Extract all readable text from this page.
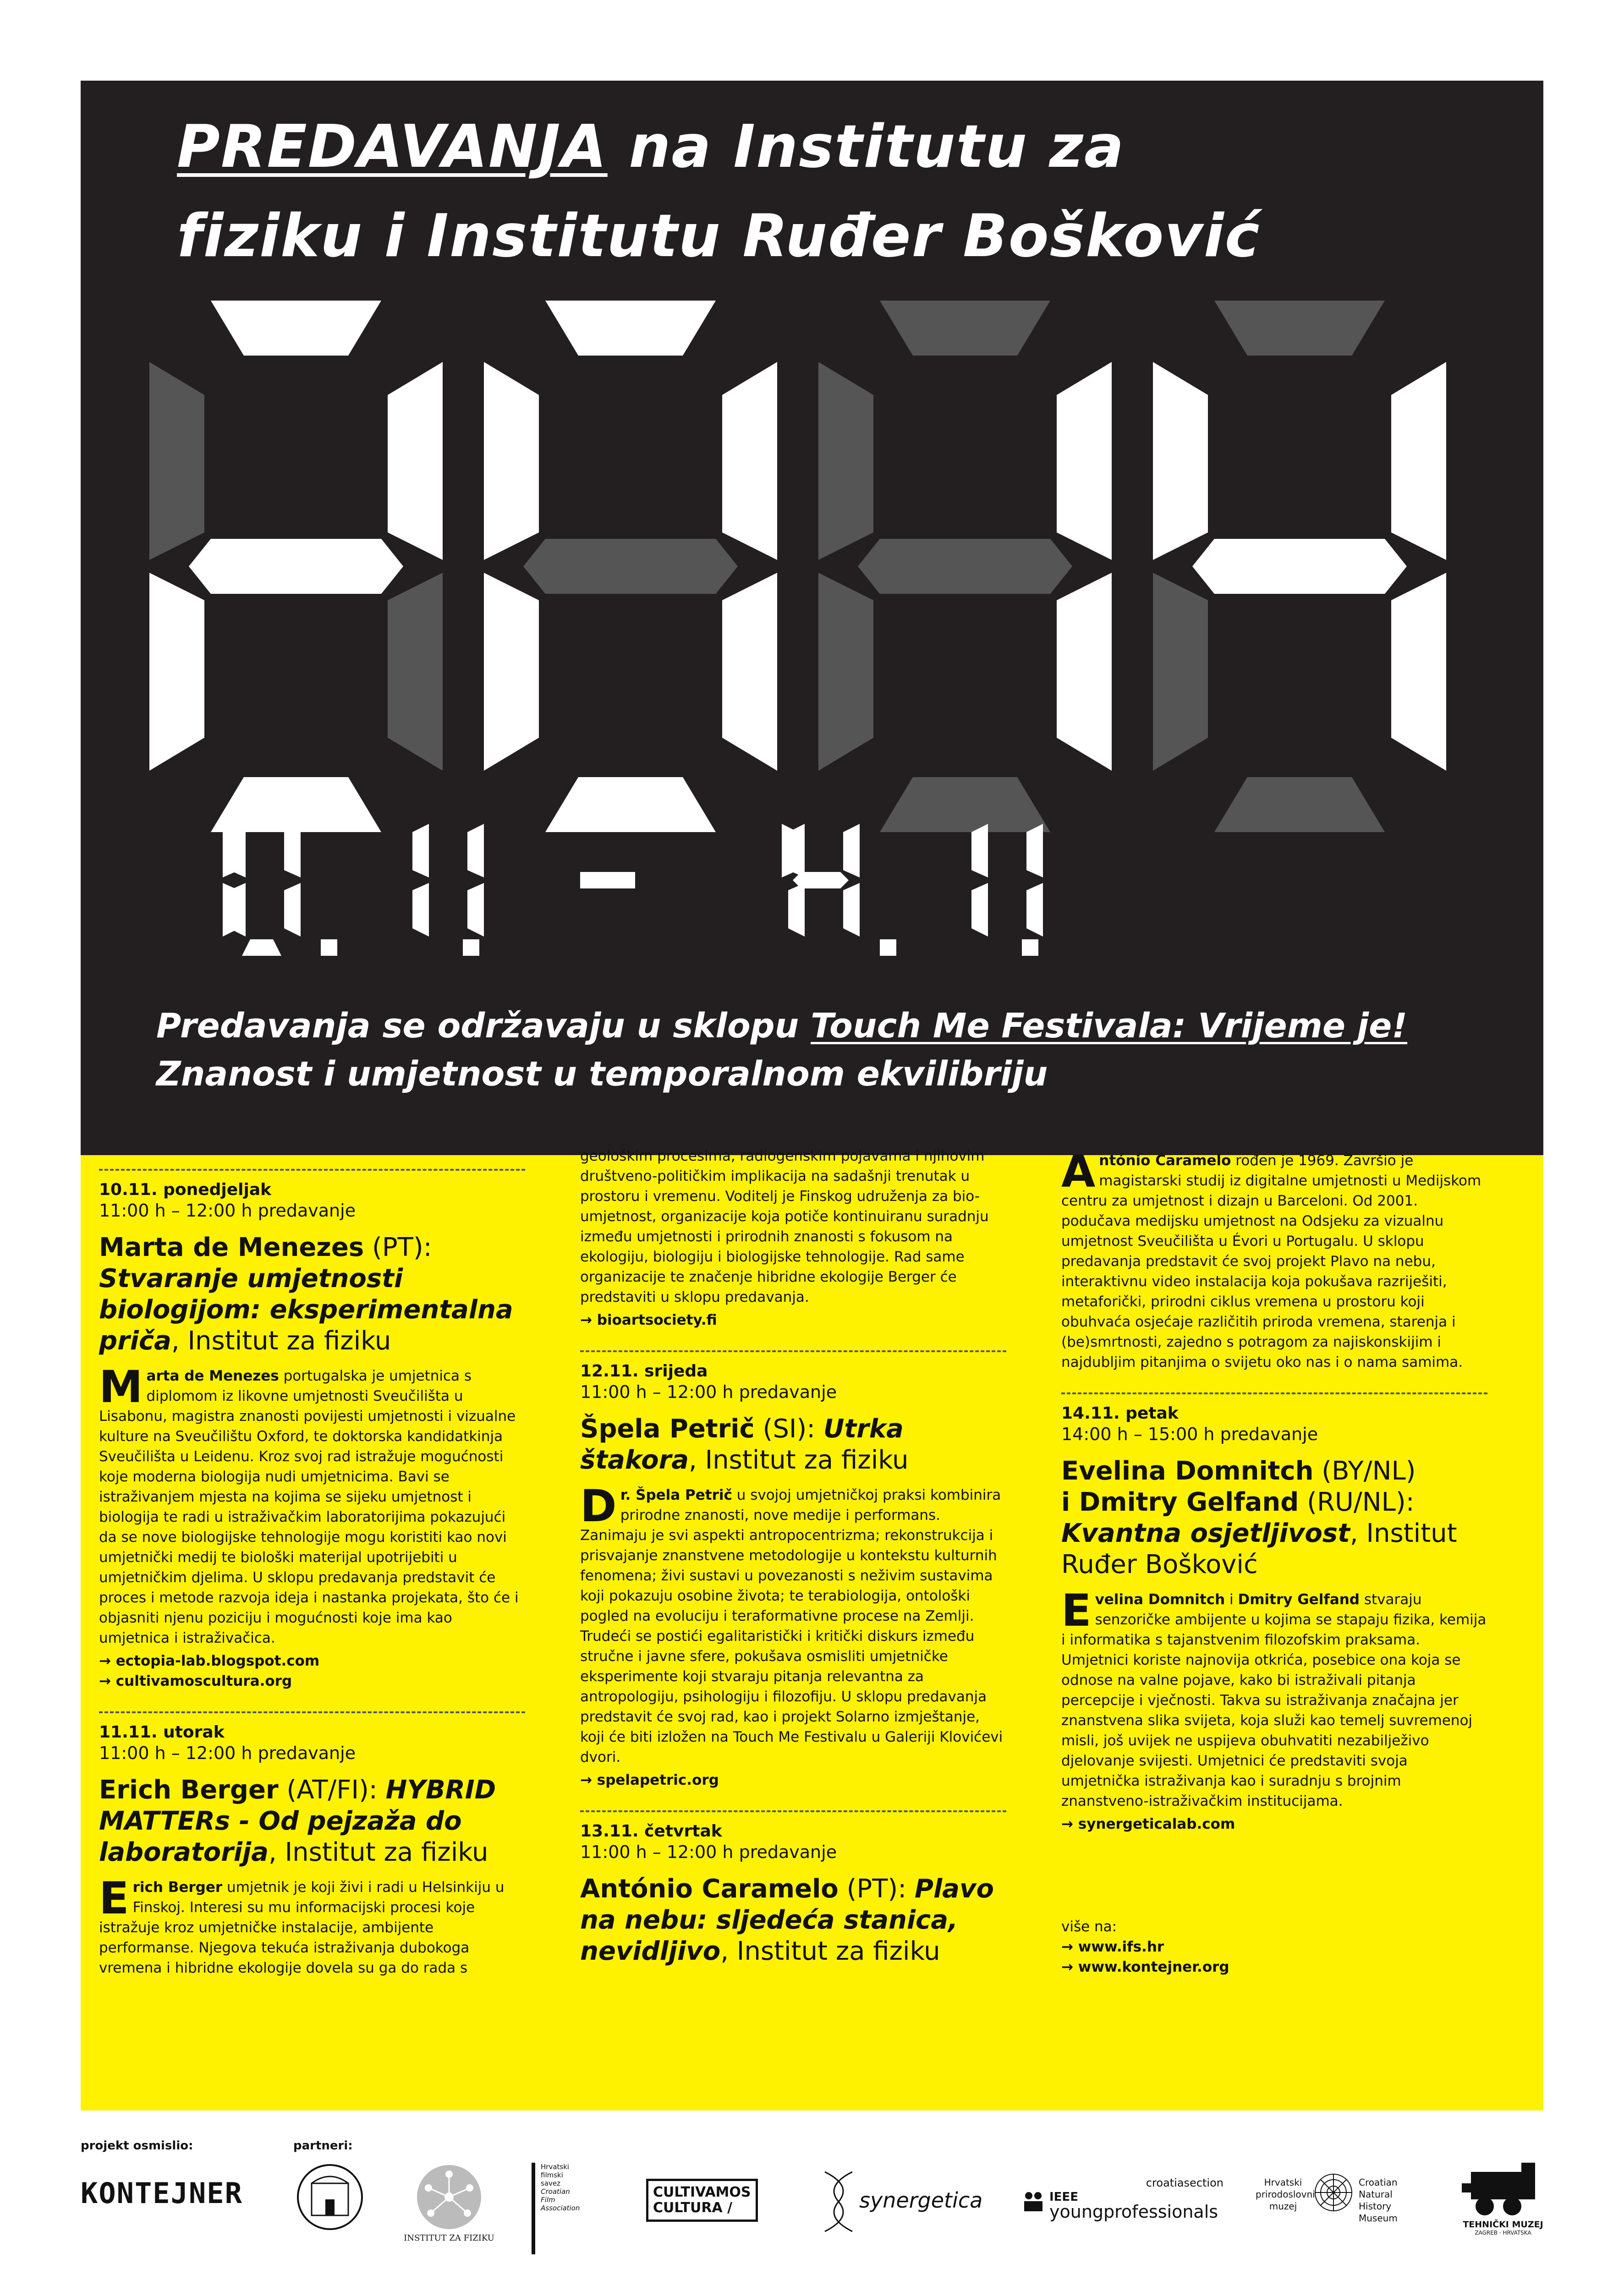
PREDAVANJA na Institutu za
fiziku i Institutu Ruđer Bošković
Predavanja se održavaju u sklopu Touch Me Festivala: Vrijeme je!
Znanost i umjetnost u temporalnom ekvilibriju
10.11. ponedjeljak
11:00 h – 12:00 h predavanje
Marta de Menezes (PT):
Stvaranje umjetnosti biologijom: eksperimentalna priča, Institut za fiziku
Marta de Menezes portugalska je umjetnica s diplomom iz likovne umjetnosti Sveučilišta u Lisabonu, magistra znanosti povijesti umjetnosti i vizualne kulture na Sveučilištu Oxford, te doktorska kandidatkinja Sveučilišta u Leidenu. Kroz svoj rad istražuje mogućnosti koje moderna biologija nudi umjetnicima. Bavi se istraživanjem mjesta na kojima se sijeku umjetnost i biologija te radi u istraživačkim laboratorijima pokazujući da se nove biologijske tehnologije mogu koristiti kao novi umjetnički medij te biološki materijal upotrijebiti u umjetničkim djelima. U sklopu predavanja predstavit će proces i metode razvoja ideja i nastanka projekata, što će i objasniti njenu poziciju i mogućnosti koje ima kao umjetnica i istraživačica.
→ ectopia-lab.blogspot.com
→ cultivamoscultura.org
11.11. utorak
11:00 h – 12:00 h predavanje
Erich Berger (AT/FI): HYBRID MATTERs - Od pejzaža do laboratorija, Institut za fiziku
Erich Berger umjetnik je koji živi i radi u Helsinkiju u Finskoj. Interesi su mu informacijski procesi koje istražuje kroz umjetničke instalacije, ambijente performanse. Njegova tekuća istraživanja dubokoga vremena i hibridne ekologije dovela su ga do rada s
geološkim procesima, radiogenskim pojavama i njihovim društveno-političkim implikacija na sadašnji trenutak u prostoru i vremenu. Voditelj je Finskog udruženja za bio-umjetnost, organizacije koja potiče kontinuiranu suradnju između umjetnosti i prirodnih znanosti s fokusom na ekologiju, biologiju i biologijske tehnologije. Rad same organizacije te značenje hibridne ekologije Berger će predstaviti u sklopu predavanja.
→ bioartsociety.fi
12.11. srijeda
11:00 h – 12:00 h predavanje
Špela Petrič (SI): Utrka štakora, Institut za fiziku
Dr. Špela Petrič u svojoj umjetničkoj praksi kombinira prirodne znanosti, nove medije i performans. Zanimaju je svi aspekti antropocentrizma; rekonstrukcija i prisvajanje znanstvene metodologije u kontekstu kulturnih fenomena; živi sustavi u povezanosti s neživim sustavima koji pokazuju osobine života; te terabiologija, ontološki pogled na evoluciju i teraformativne procese na Zemlji. Trudeći se postići egalitaristički i kritički diskurs između stručne i javne sfere, pokušava osmisliti umjetničke eksperimente koji stvaraju pitanja relevantna za antropologiju, psihologiju i filozofiju. U sklopu predavanja predstavit će svoj rad, kao i projekt Solarno izmještanje, koji će biti izložen na Touch Me Festivalu u Galeriji Klovićevi dvori.
→ spelapetric.org
13.11. četvrtak
11:00 h – 12:00 h predavanje
António Caramelo (PT): Plavo na nebu: sljedeća stanica, nevidljivo, Institut za fiziku
António Caramelo rođen je 1969. Završio je magistarski studij iz digitalne umjetnosti u Medijskom centru za umjetnost i dizajn u Barceloni. Od 2001. podučava medijsku umjetnost na Odsjeku za vizualnu umjetnost Sveučilišta u Évori u Portugalu. U sklopu predavanja predstavit će svoj projekt Plavo na nebu, interaktivnu video instalacija koja pokušava razriješiti, metaforički, prirodni ciklus vremena u prostoru koji obuhvaća osjećaje različitih priroda vremena, starenja i (be)smrtnosti, zajedno s potragom za najiskonskijim i najdubljim pitanjima o svijetu oko nas i o nama samima.
14.11. petak
14:00 h – 15:00 h predavanje
Evelina Domnitch (BY/NL)
i Dmitry Gelfand (RU/NL):
Kvantna osjetljivost, Institut Ruđer Bošković
Evelina Domnitch i Dmitry Gelfand stvaraju senzoričke ambijente u kojima se stapaju fizika, kemija i informatika s tajanstvenim filozofskim praksama. Umjetnici koriste najnovija otkrića, posebice ona koja se odnose na valne pojave, kako bi istraživali pitanja percepcije i vječnosti. Takva su istraživanja značajna jer znanstvena slika svijeta, koja služi kao temelj suvremenoj misli, još uvijek ne uspijeva obuhvatiti nezabilježivo djelovanje svijesti. Umjetnici će predstaviti svoja umjetnička istraživanja kao i suradnju s brojnim znanstveno-istraživačkim institucijama.
→ synergeticalab.com
više na:
→ www.ifs.hr
→ www.kontejner.org
projekt osmislio:	partneri:
KONTEJNER
INSTITUT ZA FIZIKU
Hrvatski
filmski
savez
Croatian
Film
Association
CULTIVAMOS
CULTURA /	synergetica
croatiasection
IEEE
youngprofessionals
Hrvatski
prirodoslovni
muzej
Croatian
Natural History
Museum
TEHNIČKI MUZEJ
ZAGREB · HRVATSKA
